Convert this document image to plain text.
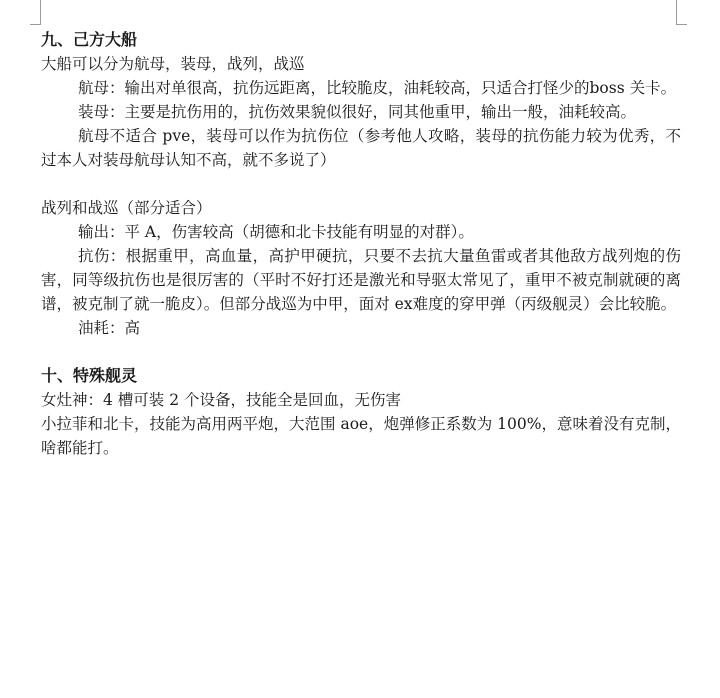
九、己方大船

大船可以分为航母，装母，战列，战巡

航母：输出对单很高，抗伤远距离，比较脆皮，油耗较高，只适合打怪少的boss 关卡。

装母：主要是抗伤用的，抗伤效果貌似很好，同其他重甲，输出一般，油耗较高。

航母不适合 pve，装母可以作为抗伤位（参考他人攻略，装母的抗伤能力较为优秀，不过本人对装母航母认知不高，就不多说了）

战列和战巡（部分适合）

输出：平 A，伤害较高（胡德和北卡技能有明显的对群）。

抗伤：根据重甲，高血量，高护甲硬抗，只要不去抗大量鱼雷或者其他敌方战列炮的伤害，同等级抗伤也是很厉害的（平时不好打还是激光和导驱太常见了，重甲不被克制就硬的离谱，被克制了就一脆皮）。但部分战巡为中甲，面对 ex难度的穿甲弹（丙级舰灵）会比较脆。

油耗：高

十、特殊舰灵

女灶神：4 槽可装 2 个设备，技能全是回血，无伤害

小拉菲和北卡，技能为高用两平炮，大范围 aoe，炮弹修正系数为 100%，意味着没有克制，啥都能打。
